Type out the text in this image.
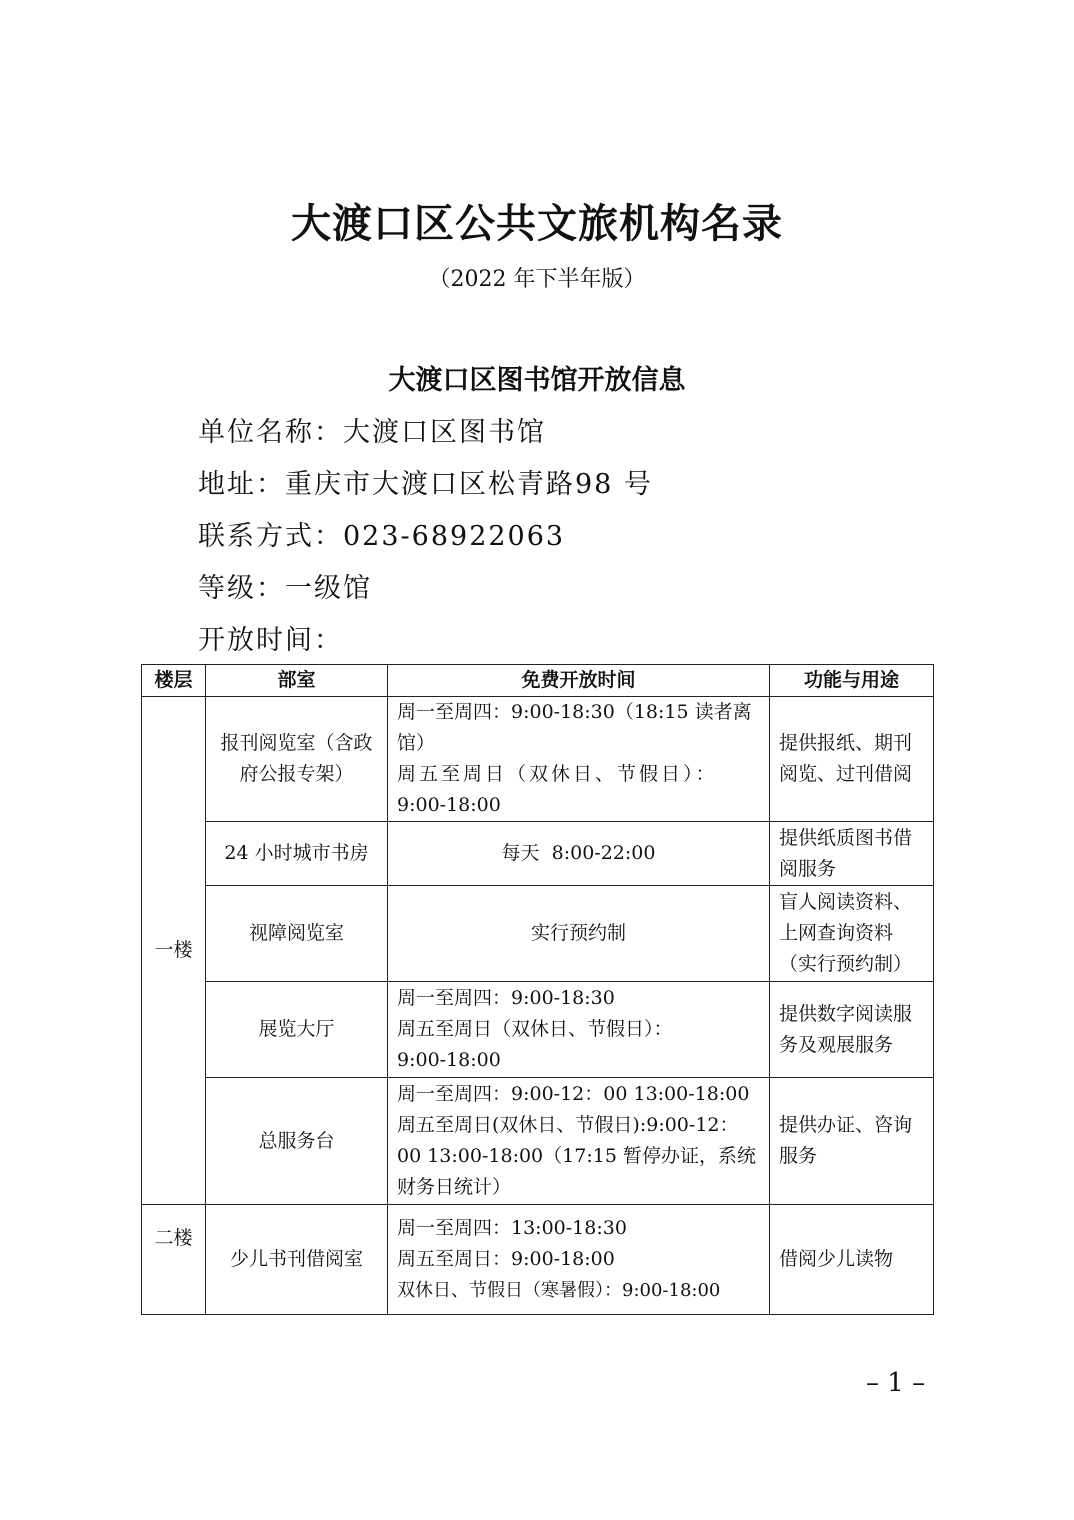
大渡口区公共文旅机构名录
（2022 年下半年版）
大渡口区图书馆开放信息
单位名称：大渡口区图书馆
地址：重庆市大渡口区松青路98 号
联系方式：023-68922063
等级：一级馆
开放时间：
楼层	部室	免费开放时间	功能与用途
一楼	报刊阅览室（含政府公报专架）	周一至周四：9:00-18:30（18:15 读者离馆）
周五至周日（双休日、节假日）：
9:00-18:00	提供报纸、期刊阅览、过刊借阅
	24 小时城市书房	每天  8:00-22:00	提供纸质图书借阅服务
	视障阅览室	实行预约制	盲人阅读资料、上网查询资料（实行预约制）
	展览大厅	周一至周四：9:00-18:30
周五至周日（双休日、节假日）：
9:00-18:00	提供数字阅读服务及观展服务
	总服务台	周一至周四：9:00-12：00 13:00-18:00
周五至周日(双休日、节假日):9:00-12：00 13:00-18:00（17:15 暂停办证，系统财务日统计）	提供办证、咨询服务
二楼	少儿书刊借阅室	周一至周四：13:00-18:30
周五至周日：9:00-18:00
双休日、节假日（寒暑假）：9:00-18:00	借阅少儿读物
– 1 –
